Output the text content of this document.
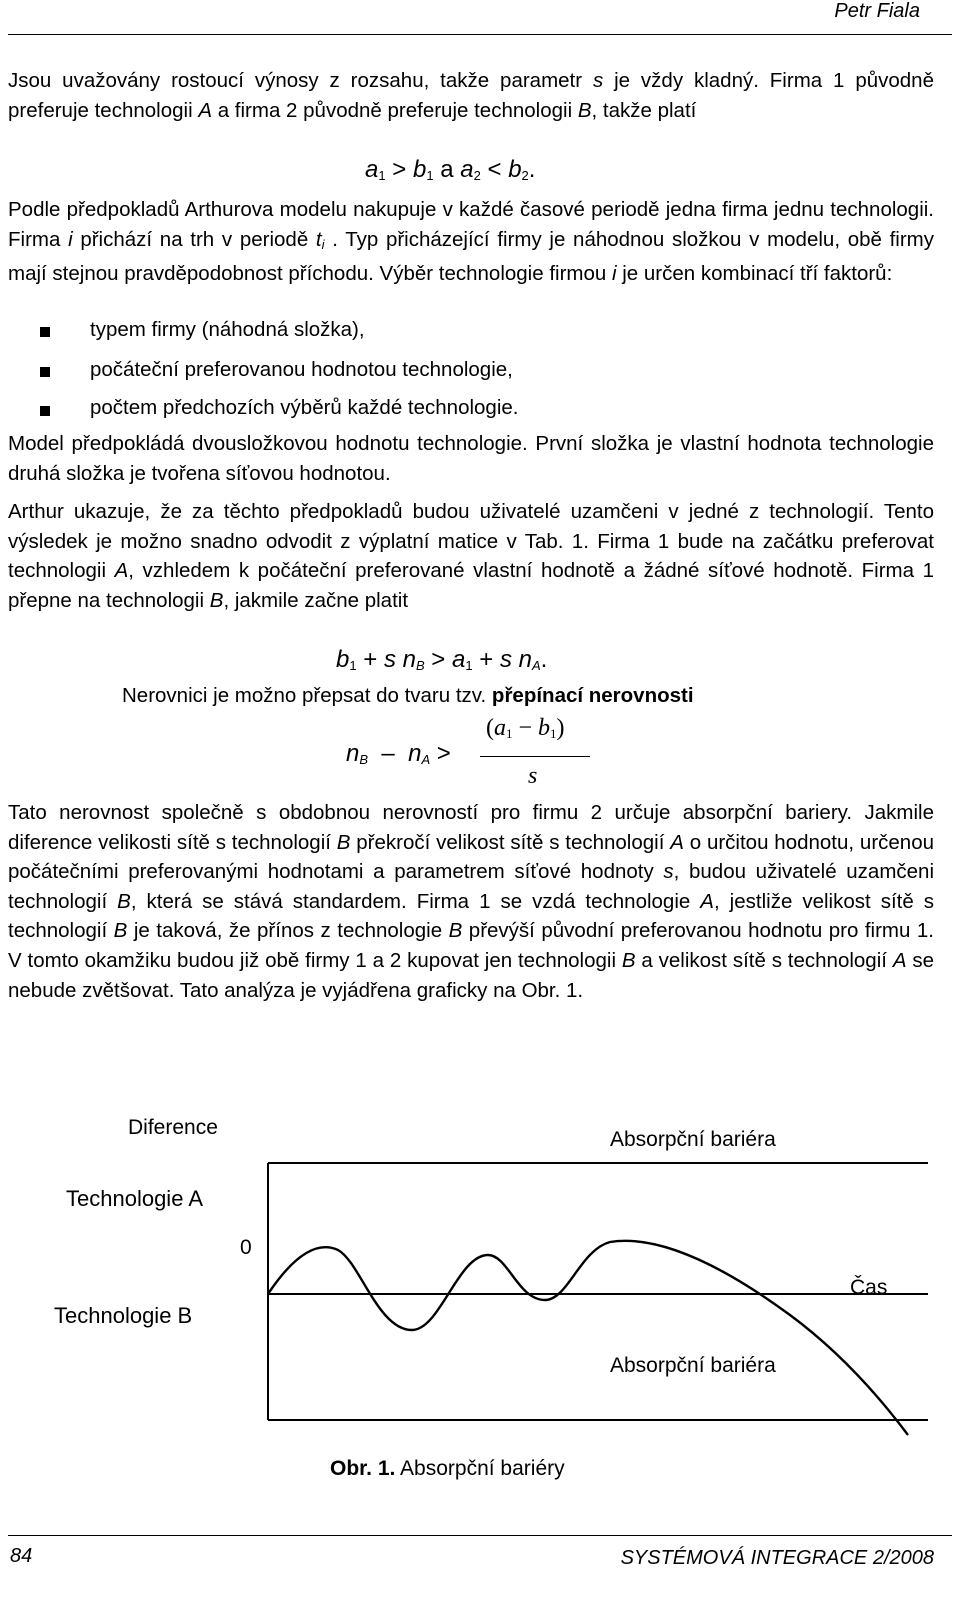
Petr Fiala

Jsou uvažovány rostoucí výnosy z rozsahu, takže parametr s je vždy kladný. Firma 1 původně preferuje technologii A a firma 2 původně preferuje technologii B, takže platí

$a_1 > b_1$ a $a_2 < b_2$.

Podle předpokladů Arthurova modelu nakupuje v každé časové periodě jedna firma jednu technologii. Firma i přichází na trh v periodě $t_i$ . Typ přicházející firmy je náhodnou složkou v modelu, obě firmy mají stejnou pravděpodobnost příchodu. Výběr technologie firmou i je určen kombinací tří faktorů:

typem firmy (náhodná složka),
počáteční preferovanou hodnotou technologie,
počtem předchozích výběrů každé technologie.

Model předpokládá dvousložkovou hodnotu technologie. První složka je vlastní hodnota technologie druhá složka je tvořena síťovou hodnotou.

Arthur ukazuje, že za těchto předpokladů budou uživatelé uzamčeni v jedné z technologií. Tento výsledek je možno snadno odvodit z výplatní matice v Tab. 1. Firma 1 bude na začátku preferovat technologii A, vzhledem k počáteční preferované vlastní hodnotě a žádné síťové hodnotě. Firma 1 přepne na technologii B, jakmile začne platit

$b_1 + s$ $n_B > a_1 + s$ $n_A$.
Nerovnici je možno přepsat do tvaru tzv. přepínací nerovnosti
$n_B - n_A$ >
$(a_1 - b_1)$
s

Tato nerovnost společně s obdobnou nerovností pro firmu 2 určuje absorpční bariery. Jakmile diference velikosti sítě s technologií B překročí velikost sítě s technologií A o určitou hodnotu, určenou počátečními preferovanými hodnotami a parametrem síťové hodnoty s, budou uživatelé uzamčeni technologií B, která se stává standardem. Firma 1 se vzdá technologie A, jestliže velikost sítě s technologií B je taková, že přínos z technologie B převýší původní preferovanou hodnotu pro firmu 1. V tomto okamžiku budou již obě firmy 1 a 2 kupovat jen technologii B a velikost sítě s technologií A se nebude zvětšovat. Tato analýza je vyjádřena graficky na Obr. 1.

Diference
Absorpční bariéra
Technologie A
0
Čas
Technologie B
Absorpční bariéra
Obr. 1. Absorpční bariéry
84	SYSTÉMOVÁ INTEGRACE 2/2008
